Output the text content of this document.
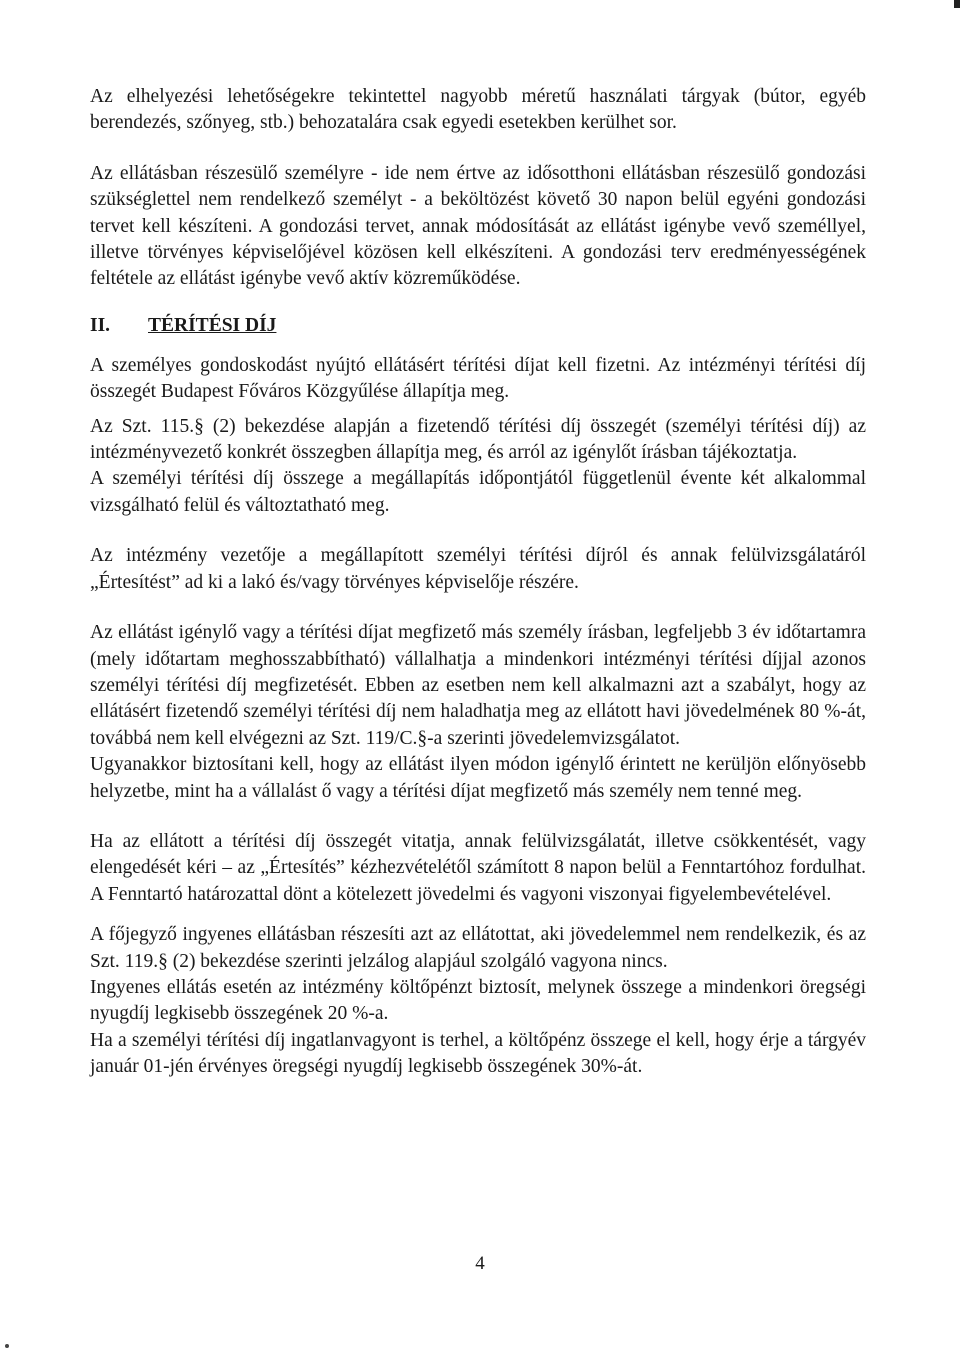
Az elhelyezési lehetőségekre tekintettel nagyobb méretű használati tárgyak (bútor, egyéb berendezés, szőnyeg, stb.) behozatalára csak egyedi esetekben kerülhet sor.

Az ellátásban részesülő személyre - ide nem értve az idősotthoni ellátásban részesülő gondozási szükséglettel nem rendelkező személyt - a beköltözést követő 30 napon belül egyéni gondozási tervet kell készíteni. A gondozási tervet, annak módosítását az ellátást igénybe vevő személlyel, illetve törvényes képviselőjével közösen kell elkészíteni. A gondozási terv eredményességének feltétele az ellátást igénybe vevő aktív közreműködése.

II.	TÉRÍTÉSI DÍJ

A személyes gondoskodást nyújtó ellátásért térítési díjat kell fizetni. Az intézményi térítési díj összegét Budapest Főváros Közgyűlése állapítja meg.

Az Szt. 115.§ (2) bekezdése alapján a fizetendő térítési díj összegét (személyi térítési díj) az intézményvezető konkrét összegben állapítja meg, és arról az igénylőt írásban tájékoztatja.

A személyi térítési díj összege a megállapítás időpontjától függetlenül évente két alkalommal vizsgálható felül és változtatható meg.

Az intézmény vezetője a megállapított személyi térítési díjról és annak felülvizsgálatáról „Értesítést” ad ki a lakó és/vagy törvényes képviselője részére.

Az ellátást igénylő vagy a térítési díjat megfizető más személy írásban, legfeljebb 3 év időtartamra (mely időtartam meghosszabbítható) vállalhatja a mindenkori intézményi térítési díjjal azonos személyi térítési díj megfizetését. Ebben az esetben nem kell alkalmazni azt a szabályt, hogy az ellátásért fizetendő személyi térítési díj nem haladhatja meg az ellátott havi jövedelmének 80 %-át, továbbá nem kell elvégezni az Szt. 119/C.§-a szerinti jövedelemvizsgálatot.

Ugyanakkor biztosítani kell, hogy az ellátást ilyen módon igénylő érintett ne kerüljön előnyösebb helyzetbe, mint ha a vállalást ő vagy a térítési díjat megfizető más személy nem tenné meg.

Ha az ellátott a térítési díj összegét vitatja, annak felülvizsgálatát, illetve csökkentését, vagy elengedését kéri – az „Értesítés” kézhezvételétől számított 8 napon belül a Fenntartóhoz fordulhat. A Fenntartó határozattal dönt a kötelezett jövedelmi és vagyoni viszonyai figyelembevételével.

A főjegyző ingyenes ellátásban részesíti azt az ellátottat, aki jövedelemmel nem rendelkezik, és az Szt. 119.§ (2) bekezdése szerinti jelzálog alapjául szolgáló vagyona nincs.

Ingyenes ellátás esetén az intézmény költőpénzt biztosít, melynek összege a mindenkori öregségi nyugdíj legkisebb összegének 20 %-a.

Ha a személyi térítési díj ingatlanvagyont is terhel, a költőpénz összege el kell, hogy érje a tárgyév január 01-jén érvényes öregségi nyugdíj legkisebb összegének 30%-át.

4
